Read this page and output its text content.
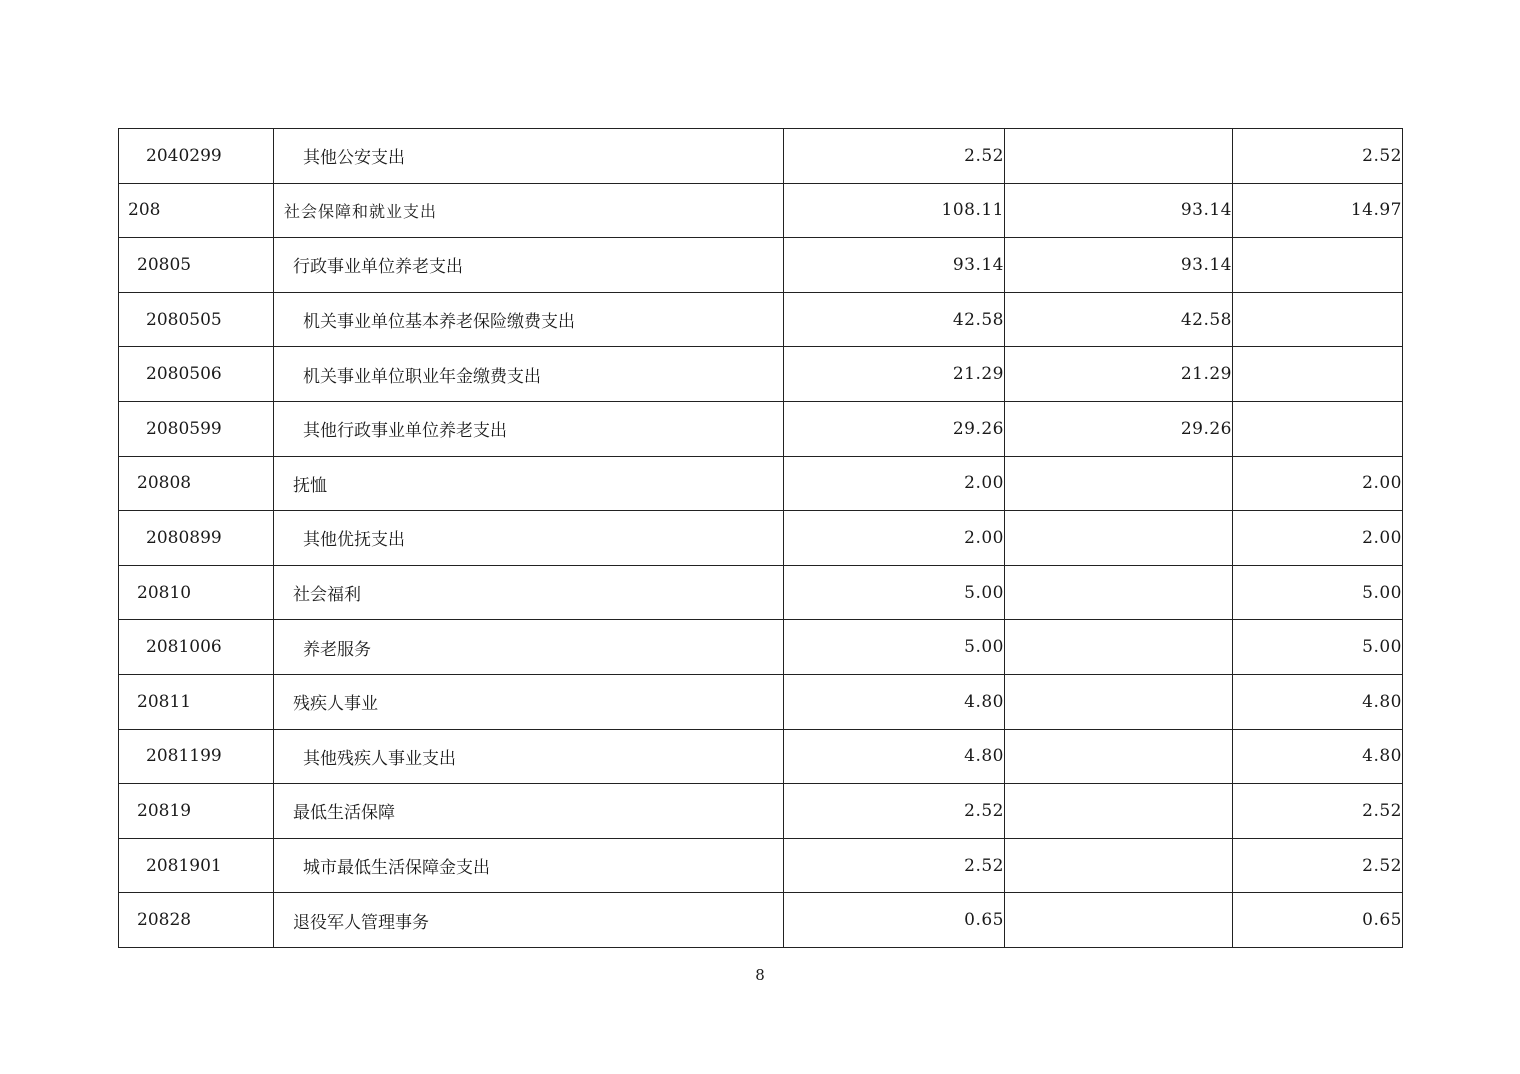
2040299	其他公安支出	2.52		2.52
208	社会保障和就业支出	108.11	93.14	14.97
20805	行政事业单位养老支出	93.14	93.14	
2080505	机关事业单位基本养老保险缴费支出	42.58	42.58	
2080506	机关事业单位职业年金缴费支出	21.29	21.29	
2080599	其他行政事业单位养老支出	29.26	29.26	
20808	抚恤	2.00		2.00
2080899	其他优抚支出	2.00		2.00
20810	社会福利	5.00		5.00
2081006	养老服务	5.00		5.00
20811	残疾人事业	4.80		4.80
2081199	其他残疾人事业支出	4.80		4.80
20819	最低生活保障	2.52		2.52
2081901	城市最低生活保障金支出	2.52		2.52
20828	退役军人管理事务	0.65		0.65
8
